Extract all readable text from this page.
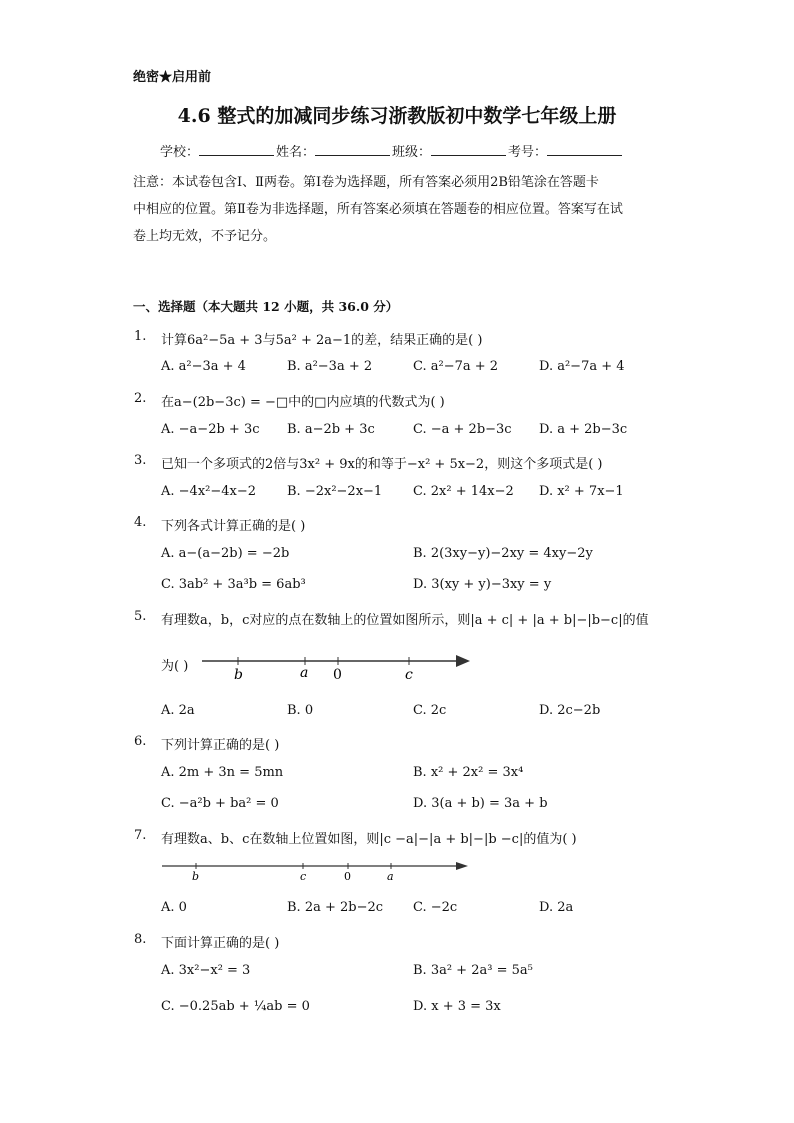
绝密★启用前
4.6 整式的加减同步练习浙教版初中数学七年级上册
学校：	姓名：	班级：	考号：
注意：本试卷包含Ⅰ、Ⅱ两卷。第Ⅰ卷为选择题，所有答案必须用2B铅笔涂在答题卡
中相应的位置。第Ⅱ卷为非选择题，所有答案必须填在答题卷的相应位置。答案写在试
卷上均无效，不予记分。
一、选择题（本大题共 12 小题，共 36.0 分）
1. 计算6a²−5a + 3与5a² + 2a−1的差，结果正确的是( )
A. a²−3a + 4	B. a²−3a + 2	C. a²−7a + 2	D. a²−7a + 4
2. 在a−(2b−3c) = −□中的□内应填的代数式为( )
A. −a−2b + 3c B. a−2b + 3c	C. −a + 2b−3c D. a + 2b−3c
3. 已知一个多项式的2倍与3x² + 9x的和等于−x² + 5x−2，则这个多项式是( )
A. −4x²−4x−2 B. −2x²−2x−1 C. 2x² + 14x−2 D. x² + 7x−1
4. 下列各式计算正确的是( )
A. a−(a−2b) = −2b	B. 2(3xy−y)−2xy = 4xy−2y
C. 3ab² + 3a³b = 6ab³	D. 3(xy + y)−3xy = y
5. 有理数a，b，c对应的点在数轴上的位置如图所示，则|a + c| + |a + b|−|b−c|的值
为( )
b	a 0	c
A. 2a	B. 0	C. 2c	D. 2c−2b
6. 下列计算正确的是( )
A. 2m + 3n = 5mn	B. x² + 2x² = 3x⁴
C. −a²b + ba² = 0	D. 3(a + b) = 3a + b
7. 有理数a、b、c在数轴上位置如图，则|c −a|−|a + b|−|b −c|的值为( )
b	c	0	a
A. 0	B. 2a + 2b−2c C. −2c	D. 2a
8. 下面计算正确的是( )
A. 3x²−x² = 3	B. 3a² + 2a³ = 5a⁵
C. −0.25ab + ¼ab = 0	D. x + 3 = 3x
